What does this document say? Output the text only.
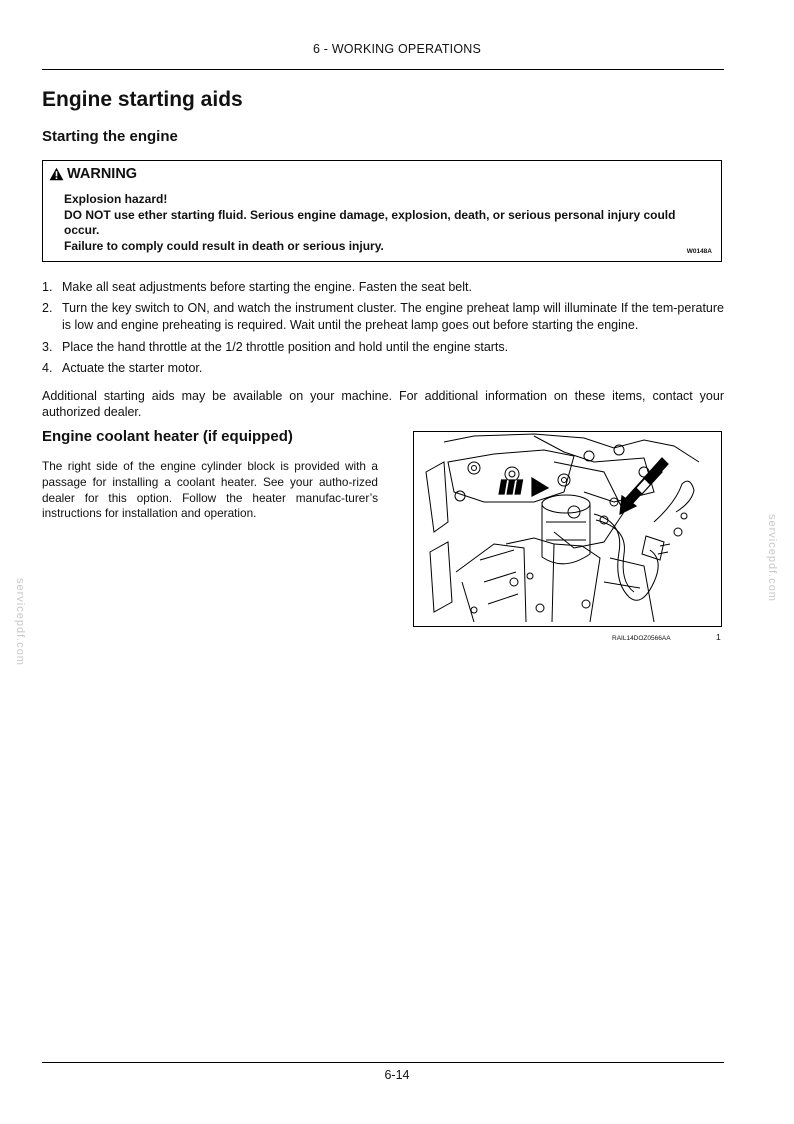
6 - WORKING OPERATIONS
Engine starting aids
Starting the engine
WARNING
Explosion hazard!
DO NOT use ether starting fluid. Serious engine damage, explosion, death, or serious personal injury could occur.
Failure to comply could result in death or serious injury.	W0148A
1. Make all seat adjustments before starting the engine. Fasten the seat belt.
2. Turn the key switch to ON, and watch the instrument cluster. The engine preheat lamp will illuminate If the tem-perature is low and engine preheating is required. Wait until the preheat lamp goes out before starting the engine.
3. Place the hand throttle at the 1/2 throttle position and hold until the engine starts.
4. Actuate the starter motor.
Additional starting aids may be available on your machine. For additional information on these items, contact your authorized dealer.
Engine coolant heater (if equipped)
The right side of the engine cylinder block is provided with a passage for installing a coolant heater. See your autho-rized dealer for this option. Follow the heater manufac-turer’s instructions for installation and operation.
RAIL14DOZ0566AA	1
servicepdf.com
servicepdf.com
6-14
